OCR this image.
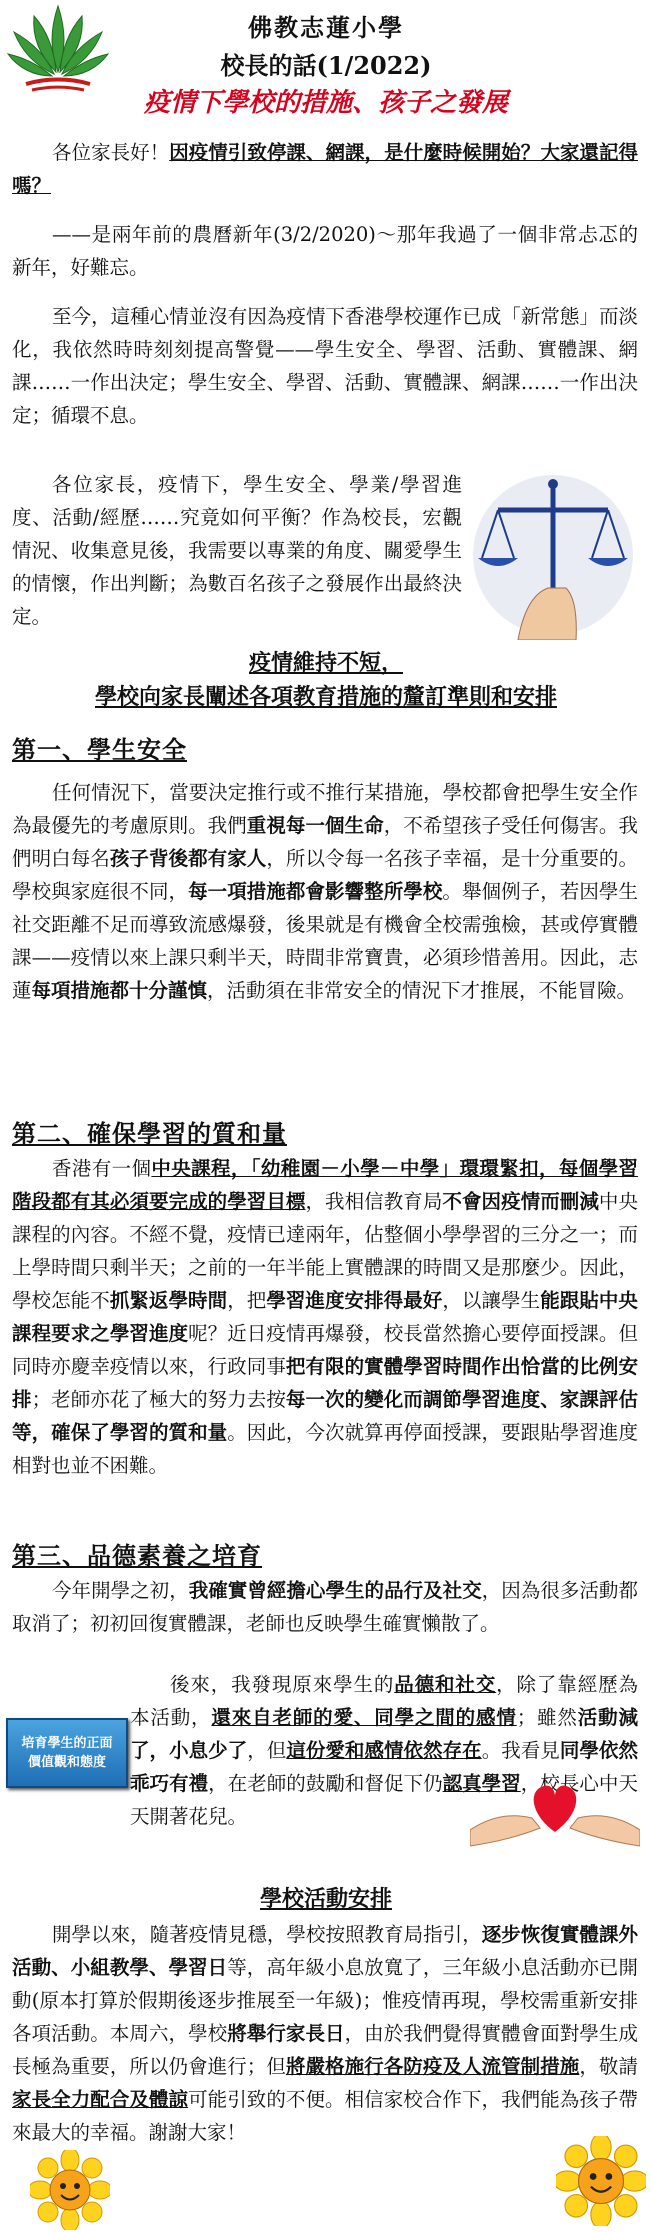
佛教志蓮小學
校長的話(1/2022)
疫情下學校的措施、孩子之發展
各位家長好！因疫情引致停課、網課，是什麼時候開始？大家還記得嗎？
——是兩年前的農曆新年(3/2/2020)～那年我過了一個非常忐忑的新年，好難忘。
至今，這種心情並沒有因為疫情下香港學校運作已成「新常態」而淡化，我依然時時刻刻提高警覺——學生安全、學習、活動、實體課、網課……一作出決定；學生安全、學習、活動、實體課、網課……一作出決定；循環不息。
各位家長，疫情下，學生安全、學業/學習進度、活動/經歷……究竟如何平衡？作為校長，宏觀情況、收集意見後，我需要以專業的角度、關愛學生的情懷，作出判斷；為數百名孩子之發展作出最終決定。
疫情維持不短，
學校向家長闡述各項教育措施的釐訂準則和安排
第一、學生安全
任何情況下，當要決定推行或不推行某措施，學校都會把學生安全作為最優先的考慮原則。我們重視每一個生命，不希望孩子受任何傷害。我們明白每名孩子背後都有家人，所以令每一名孩子幸福，是十分重要的。學校與家庭很不同，每一項措施都會影響整所學校。舉個例子，若因學生社交距離不足而導致流感爆發，後果就是有機會全校需強檢，甚或停實體課——疫情以來上課只剩半天，時間非常寶貴，必須珍惜善用。因此，志蓮每項措施都十分謹慎，活動須在非常安全的情況下才推展，不能冒險。
第二、確保學習的質和量
香港有一個中央課程，「幼稚園－小學－中學」環環緊扣，每個學習階段都有其必須要完成的學習目標，我相信教育局不會因疫情而刪減中央課程的內容。不經不覺，疫情已達兩年，佔整個小學學習的三分之一；而上學時間只剩半天；之前的一年半能上實體課的時間又是那麼少。因此，學校怎能不抓緊返學時間，把學習進度安排得最好，以讓學生能跟貼中央課程要求之學習進度呢？近日疫情再爆發，校長當然擔心要停面授課。但同時亦慶幸疫情以來，行政同事把有限的實體學習時間作出恰當的比例安排；老師亦花了極大的努力去按每一次的變化而調節學習進度、家課評估等，確保了學習的質和量。因此，今次就算再停面授課，要跟貼學習進度相對也並不困難。
第三、品德素養之培育
今年開學之初，我確實曾經擔心學生的品行及社交，因為很多活動都取消了；初初回復實體課，老師也反映學生確實懶散了。
培育學生的正面
價值觀和態度
後來，我發現原來學生的品德和社交，除了靠經歷為本活動，還來自老師的愛、同學之間的感情；雖然活動減了，小息少了，但這份愛和感情依然存在。我看見同學依然乖巧有禮，在老師的鼓勵和督促下仍認真學習，校長心中天天開著花兒。
學校活動安排
開學以來，隨著疫情見穩，學校按照教育局指引，逐步恢復實體課外活動、小組教學、學習日等，高年級小息放寬了，三年級小息活動亦已開動(原本打算於假期後逐步推展至一年級)；惟疫情再現，學校需重新安排各項活動。本周六，學校將舉行家長日，由於我們覺得實體會面對學生成長極為重要，所以仍會進行；但將嚴格施行各防疫及人流管制措施，敬請家長全力配合及體諒可能引致的不便。相信家校合作下，我們能為孩子帶來最大的幸福。謝謝大家！
